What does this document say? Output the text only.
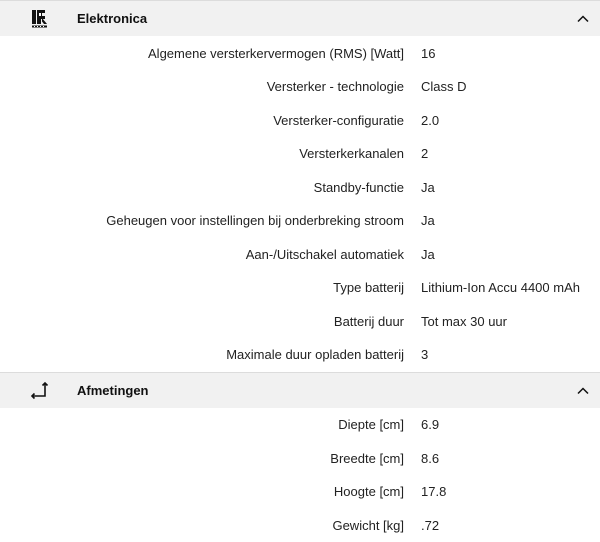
Elektronica
Algemene versterkervermogen (RMS) [Watt] 16
Versterker - technologie Class D
Versterker-configuratie 2.0
Versterkerkanalen 2
Standby-functie Ja
Geheugen voor instellingen bij onderbreking stroom Ja
Aan-/Uitschakel automatiek Ja
Type batterij Lithium-Ion Accu 4400 mAh
Batterij duur Tot max 30 uur
Maximale duur opladen batterij 3
Afmetingen
Diepte [cm] 6.9
Breedte [cm] 8.6
Hoogte [cm] 17.8
Gewicht [kg] .72
